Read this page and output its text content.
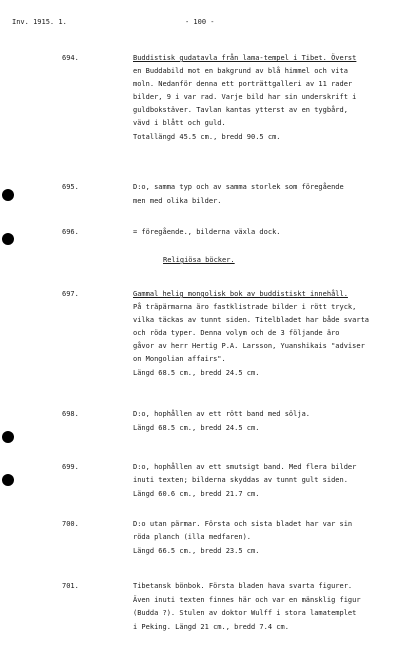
Inv. 1915. 1.	- 100 -
694.	Buddistisk gudatavla från lama-tempel i Tibet. Överst
en Buddabild mot en bakgrund av blå himmel och vita
moln. Nedanför denna ett porträttgalleri av 11 rader
bilder, 9 i var rad. Varje bild har sin underskrift i
guldbokstäver. Tavlan kantas ytterst av en tygbård,
vävd i blått och guld.
Totallängd 45.5 cm., bredd 90.5 cm.
695.	D:o, samma typ och av samma storlek som föregående
men med olika bilder.
696.	= föregående., bilderna växla dock.
Religiösa böcker.
697.	Gammal helig mongolisk bok av buddistiskt innehåll.
På träpärmarna äro fastklistrade bilder i rött tryck,
vilka täckas av tunnt siden. Titelbladet har både svarta
och röda typer. Denna volym och de 3 följande äro
gåvor av herr Hertig P.A. Larsson, Yuanshikais "adviser
on Mongolian affairs".
Längd 68.5 cm., bredd 24.5 cm.
698.	D:o, hophållen av ett rött band med sölja.
Längd 68.5 cm., bredd 24.5 cm.
699.	D:o, hophållen av ett smutsigt band. Med flera bilder
inuti texten; bilderna skyddas av tunnt gult siden.
Längd 60.6 cm., bredd 21.7 cm.
700.	D:o utan pärmar. Första och sista bladet har var sin
röda planch (illa medfaren).
Längd 66.5 cm., bredd 23.5 cm.
701.	Tibetansk bönbok. Första bladen hava svarta figurer.
Även inuti texten finnes här och var en mänsklig figur
(Budda ?). Stulen av doktor Wulff i stora lamatemplet
i Peking. Längd 21 cm., bredd 7.4 cm.
